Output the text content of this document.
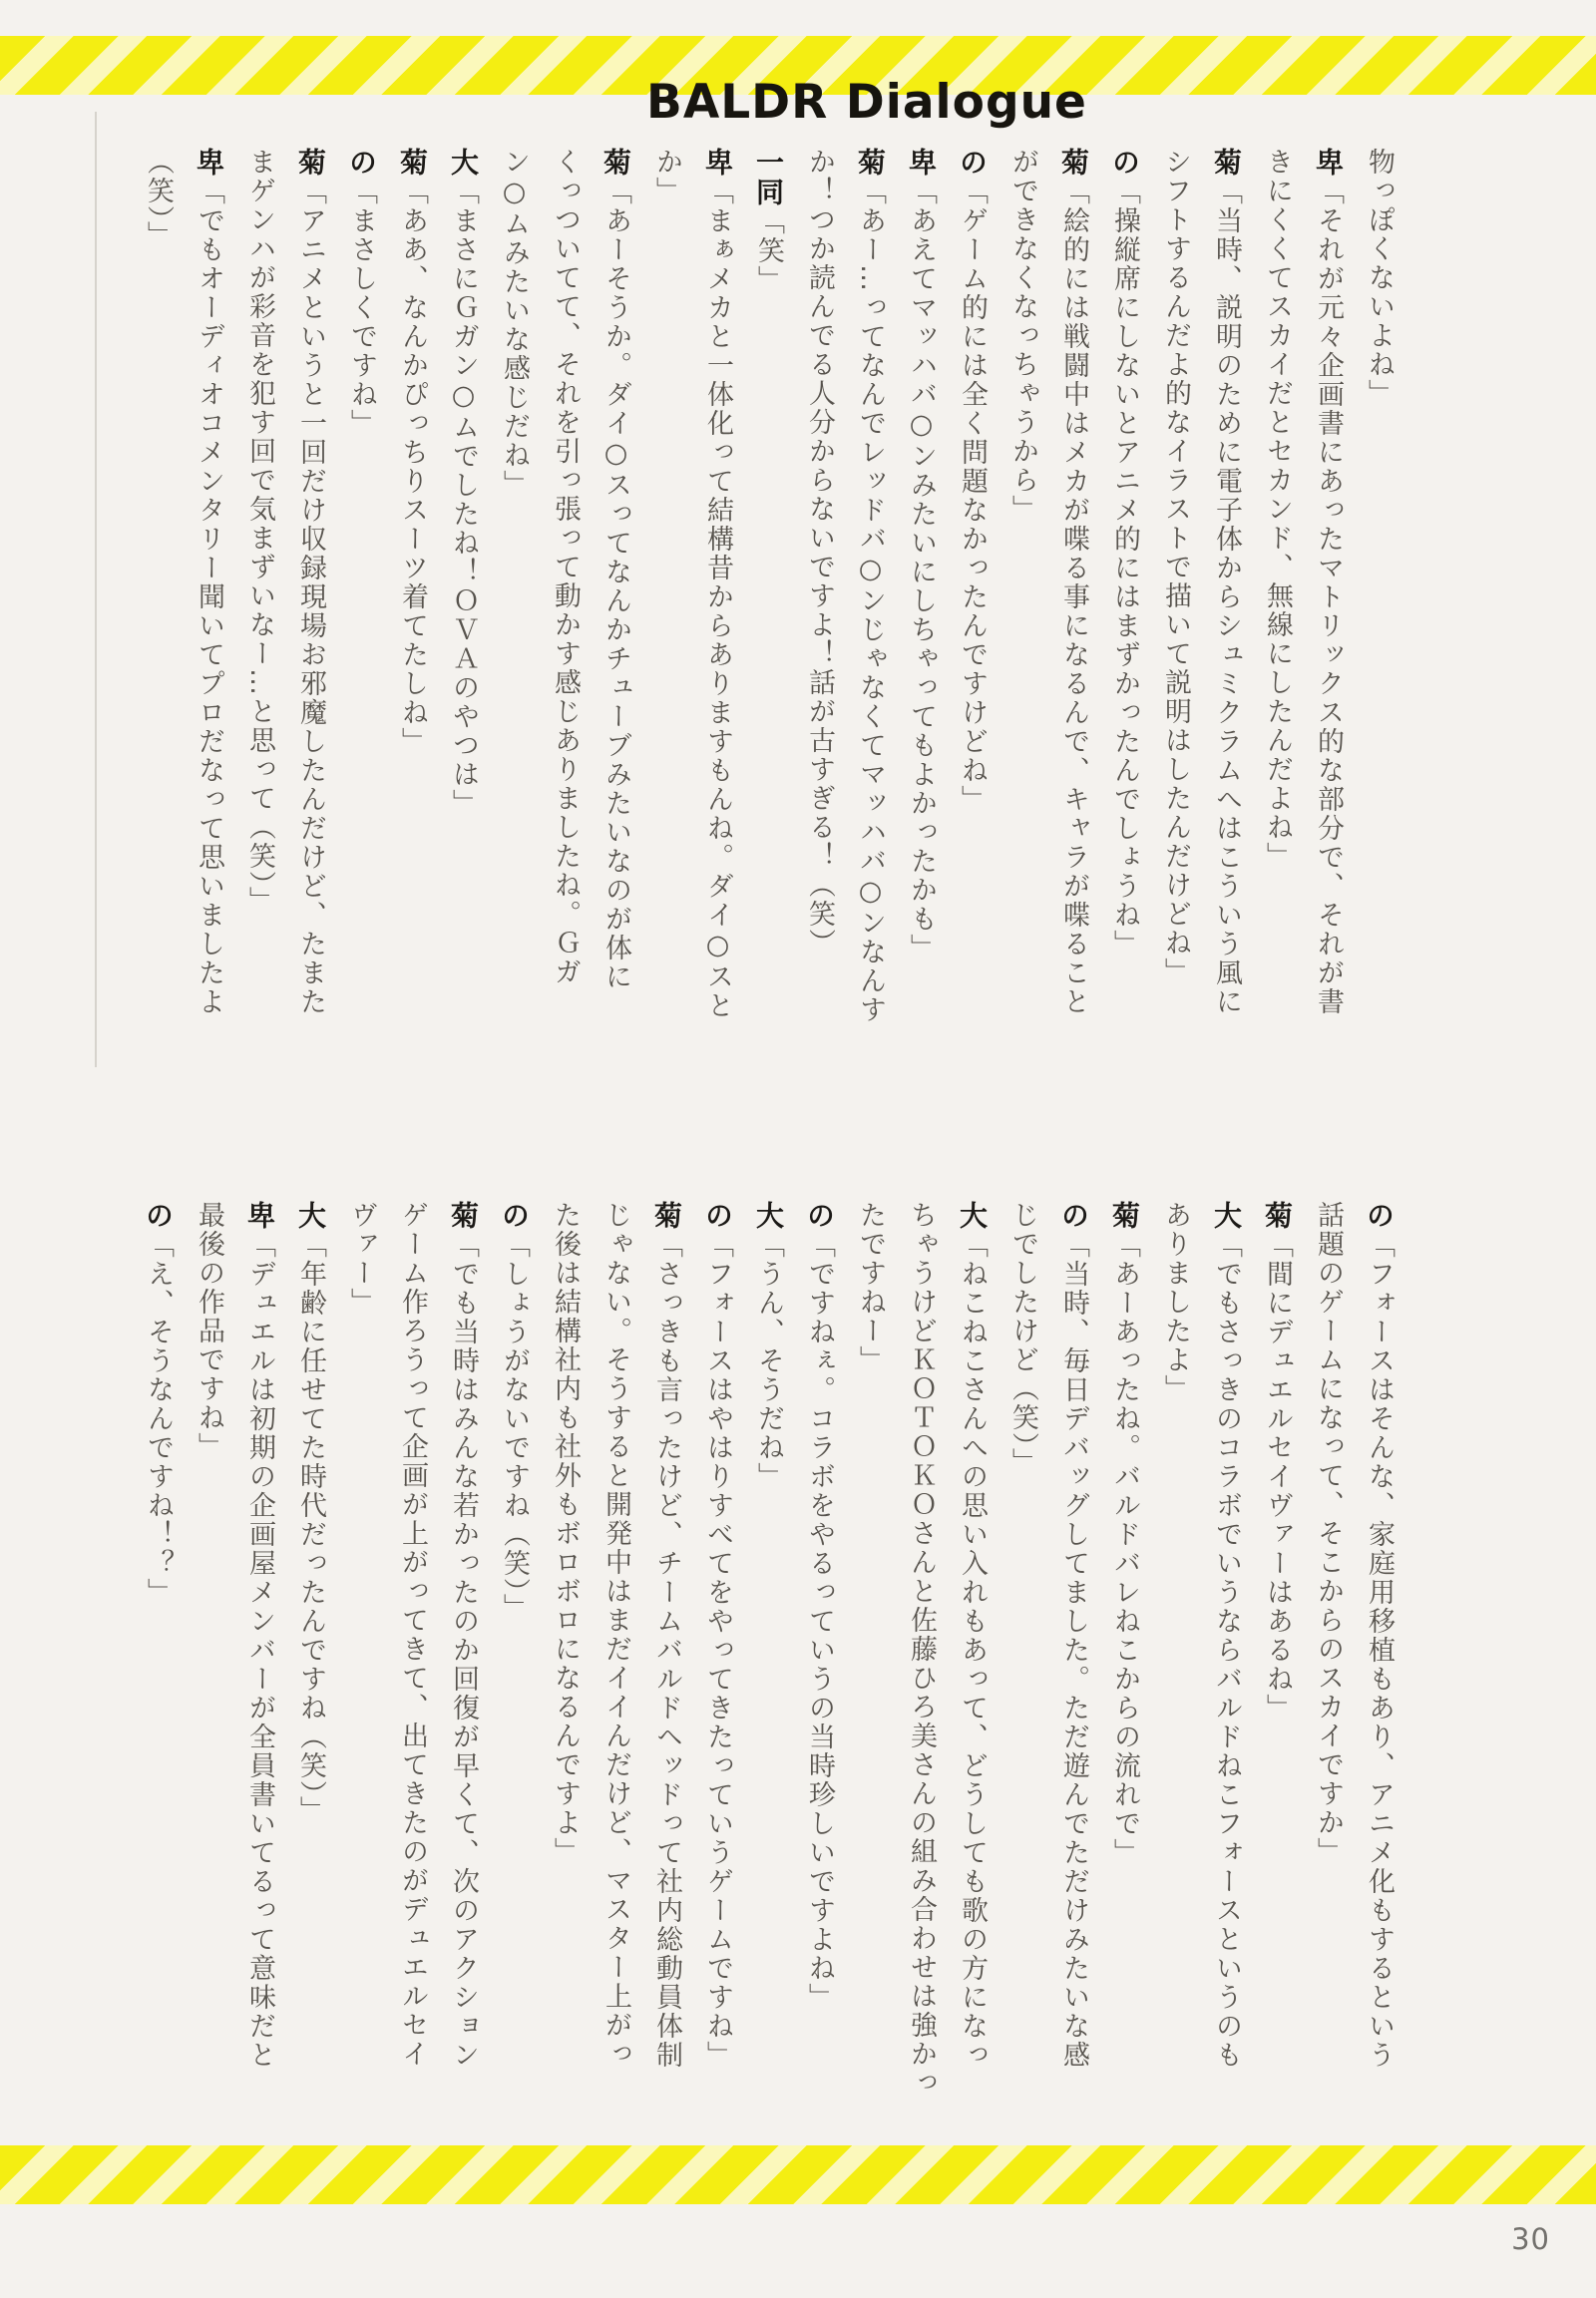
BALDR Dialogue

物っぽくないよね」

卑「それが元々企画書にあったマトリックス的な部分で、それが書

きにくくてスカイだとセカンド、無線にしたんだよね」

菊「当時、説明のために電子体からシュミクラムへはこういう風に

シフトするんだよ的なイラストで描いて説明はしたんだけどね」

の「操縦席にしないとアニメ的にはまずかったんでしょうね」

菊「絵的には戦闘中はメカが喋る事になるんで、キャラが喋ること

ができなくなっちゃうから」

の「ゲーム的には全く問題なかったんですけどね」

卑「あえてマッハバ○ンみたいにしちゃってもよかったかも」

菊「あー…ってなんでレッドバ○ンじゃなくてマッハバ○ンなんす

か！つか読んでる人分からないですよ！話が古すぎる！（笑）

一同「笑」

卑「まぁメカと一体化って結構昔からありますもんね。ダイ○スと

か」

菊「あーそうか。ダイ○スってなんかチューブみたいなのが体に

くっついてて、それを引っ張って動かす感じありましたね。Ｇガ

ン○ムみたいな感じだね」

大「まさにＧガン○ムでしたね！ＯＶＡのやつは」

菊「ああ、なんかぴっちりスーツ着てたしね」

の「まさしくですね」

菊「アニメというと一回だけ収録現場お邪魔したんだけど、たまた

まゲンハが彩音を犯す回で気まずいなー…と思って（笑）」

卑「でもオーディオコメンタリー聞いてプロだなって思いましたよ

（笑）」

の「フォースはそんな、家庭用移植もあり、アニメ化もするという

話題のゲームになって、そこからのスカイですか」

菊「間にデュエルセイヴァーはあるね」

大「でもさっきのコラボでいうならバルドねこフォースというのも

ありましたよ」

菊「あーあったね。バルドバレねこからの流れで」

の「当時、毎日デバッグしてました。ただ遊んでただけみたいな感

じでしたけど（笑）」

大「ねこねこさんへの思い入れもあって、どうしても歌の方になっ

ちゃうけどＫＯＴＯＫＯさんと佐藤ひろ美さんの組み合わせは強かっ

たですねー」

の「ですねぇ。コラボをやるっていうの当時珍しいですよね」

大「うん、そうだね」

の「フォースはやはりすべてをやってきたっていうゲームですね」

菊「さっきも言ったけど、チームバルドヘッドって社内総動員体制

じゃない。そうすると開発中はまだイイんだけど、マスター上がっ

た後は結構社内も社外もボロボロになるんですよ」

の「しょうがないですね（笑）」

菊「でも当時はみんな若かったのか回復が早くて、次のアクション

ゲーム作ろうって企画が上がってきて、出てきたのがデュエルセイ

ヴァー」

大「年齢に任せてた時代だったんですね（笑）」

卑「デュエルは初期の企画屋メンバーが全員書いてるって意味だと

最後の作品ですね」

の「え、そうなんですね！？」

30
